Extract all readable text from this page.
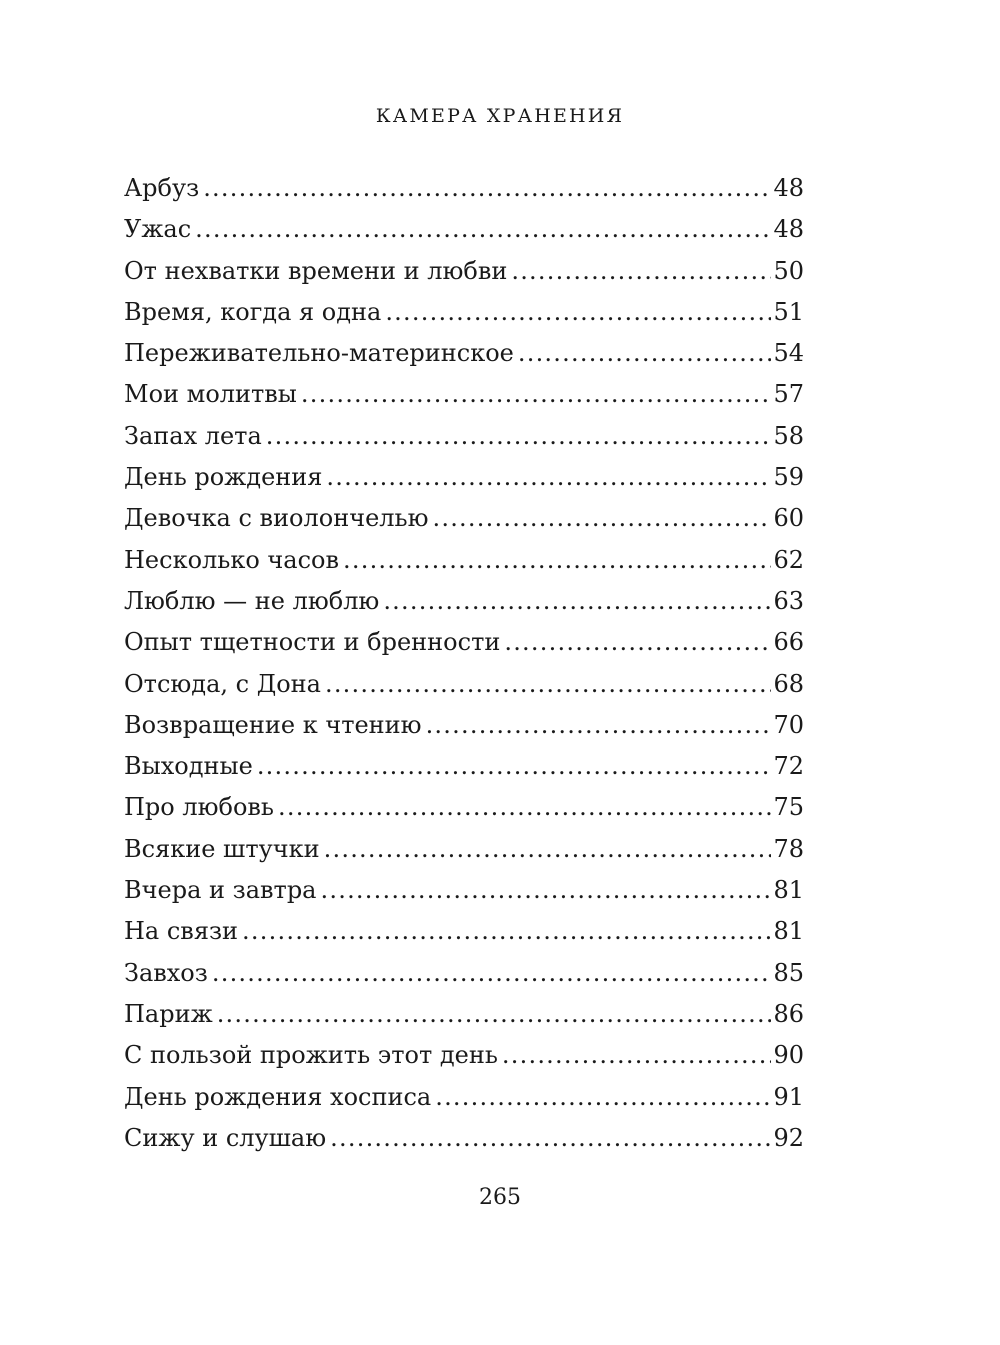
КАМЕРА ХРАНЕНИЯ
Арбуз . . .	48
Ужас . . .	48
От нехватки времени и любви . . .	50
Время, когда я одна . . .	51
Переживательно-материнское . . .	54
Мои молитвы . . .	57
Запах лета . . .	58
День рождения . . .	59
Девочка с виолончелью . . .	60
Несколько часов . . .	62
Люблю — не люблю . . .	63
Опыт тщетности и бренности . . .	66
Отсюда, с Дона . . .	68
Возвращение к чтению . . .	70
Выходные . . .	72
Про любовь . . .	75
Всякие штучки . . .	78
Вчера и завтра . . .	81
На связи . . .	81
Завхоз . . .	85
Париж . . .	86
С пользой прожить этот день . . .	90
День рождения хосписа . . .	91
Сижу и слушаю . . .	92
265
